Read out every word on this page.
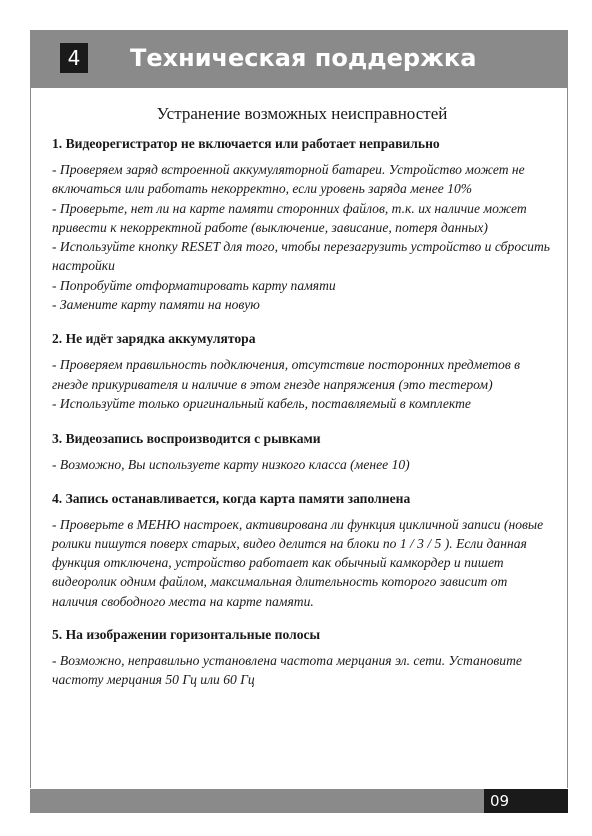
4	Техническая поддержка
Устранение возможных неисправностей
1. Видеорегистратор не включается или работает неправильно

- Проверяем заряд встроенной аккумуляторной батареи. Устройство может не включаться или работать некорректно, если уровень заряда менее 10%

- Проверьте, нет ли на карте памяти сторонних файлов, т.к. их наличие может привести к некорректной работе (выключение, зависание, потеря данных)

- Используйте кнопку RESET для того, чтобы перезагрузить устройство и сбросить настройки

- Попробуйте отформатировать карту памяти

- Замените карту памяти на новую

2. Не идёт зарядка аккумулятора

- Проверяем правильность подключения, отсутствие посторонних предметов в гнезде прикуривателя и наличие в этом гнезде напряжения (это тестером)

- Используйте только оригинальный кабель, поставляемый в комплекте

3. Видеозапись воспроизводится с рывками

- Возможно, Вы используете карту низкого класса (менее 10)

4. Запись останавливается, когда карта памяти заполнена

- Проверьте в МЕНЮ настроек, активирована ли функция цикличной записи (новые ролики пишутся поверх старых, видео делится на блоки по 1 / 3 / 5 ). Если данная функция отключена, устройство работает как обычный камкордер и пишет видеоролик одним файлом, максимальная длительность которого зависит от наличия свободного места на карте памяти.

5. На изображении горизонтальные полосы

- Возможно, неправильно установлена частота мерцания эл. сети. Установите частоту мерцания 50 Гц или 60 Гц

09
